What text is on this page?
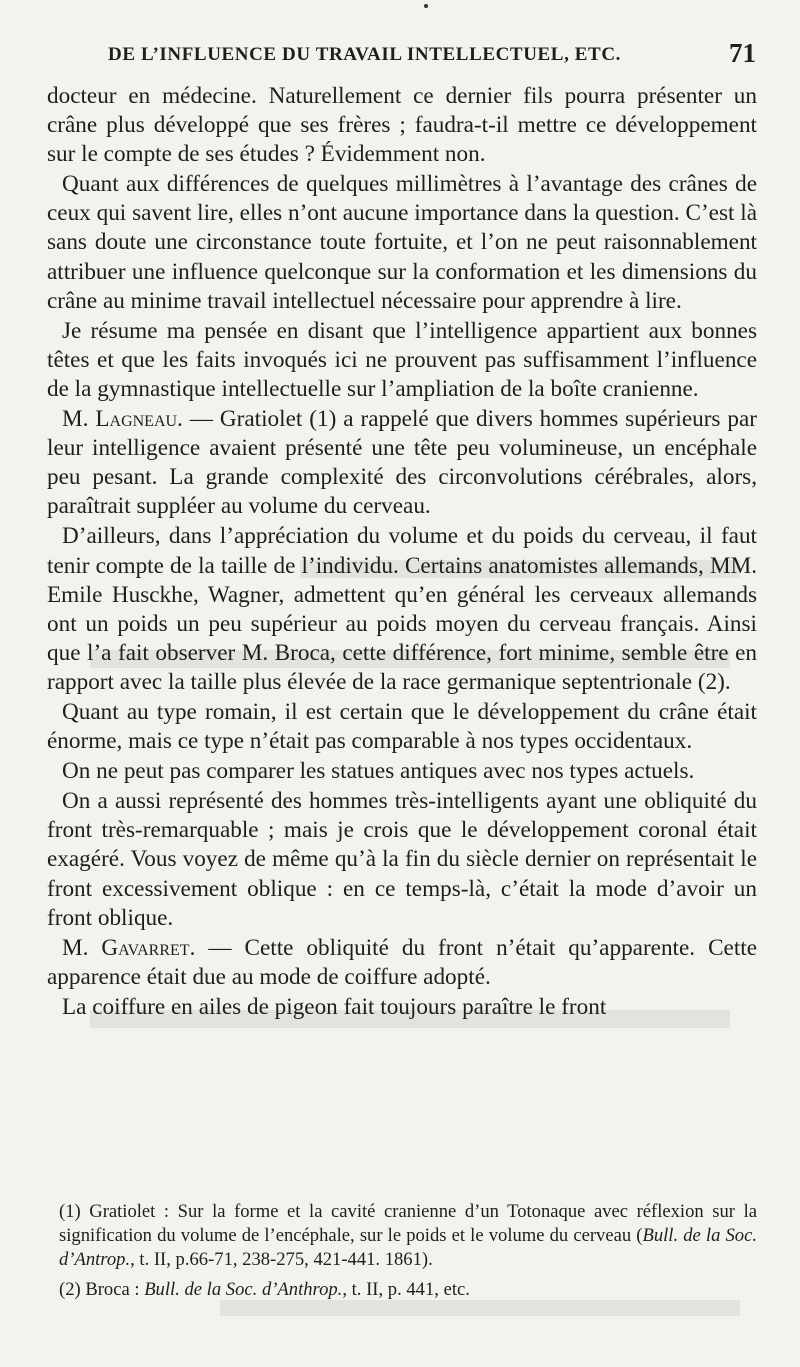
DE L’INFLUENCE DU TRAVAIL INTELLECTUEL, ETC.	71

docteur en médecine. Naturellement ce dernier fils pourra présenter un crâne plus développé que ses frères ; faudra-t-il mettre ce développement sur le compte de ses études ? Évidemment non.

Quant aux différences de quelques millimètres à l’avantage des crânes de ceux qui savent lire, elles n’ont aucune importance dans la question. C’est là sans doute une circonstance toute fortuite, et l’on ne peut raisonnablement attribuer une influence quelconque sur la conformation et les dimensions du crâne au minime travail intellectuel nécessaire pour apprendre à lire.

Je résume ma pensée en disant que l’intelligence appartient aux bonnes têtes et que les faits invoqués ici ne prouvent pas suffisamment l’influence de la gymnastique intellectuelle sur l’ampliation de la boîte cranienne.

M. Lagneau. — Gratiolet (1) a rappelé que divers hommes supérieurs par leur intelligence avaient présenté une tête peu volumineuse, un encéphale peu pesant. La grande complexité des circonvolutions cérébrales, alors, paraîtrait suppléer au volume du cerveau.

D’ailleurs, dans l’appréciation du volume et du poids du cerveau, il faut tenir compte de la taille de l’individu. Certains anatomistes allemands, MM. Emile Husckhe, Wagner, admettent qu’en général les cerveaux allemands ont un poids un peu supérieur au poids moyen du cerveau français. Ainsi que l’a fait observer M. Broca, cette différence, fort minime, semble être en rapport avec la taille plus élevée de la race germanique septentrionale (2).

Quant au type romain, il est certain que le développement du crâne était énorme, mais ce type n’était pas comparable à nos types occidentaux.

On ne peut pas comparer les statues antiques avec nos types actuels.

On a aussi représenté des hommes très-intelligents ayant une obliquité du front très-remarquable ; mais je crois que le développement coronal était exagéré. Vous voyez de même qu’à la fin du siècle dernier on représentait le front excessivement oblique : en ce temps-là, c’était la mode d’avoir un front oblique.

M. Gavarret. — Cette obliquité du front n’était qu’apparente. Cette apparence était due au mode de coiffure adopté.

La coiffure en ailes de pigeon fait toujours paraître le front

(1) Gratiolet : Sur la forme et la cavité cranienne d’un Totonaque avec réflexion sur la signification du volume de l’encéphale, sur le poids et le volume du cerveau (Bull. de la Soc. d’Antrop., t. II, p.66-71, 238-275, 421-441. 1861).

(2) Broca : Bull. de la Soc. d’Anthrop., t. II, p. 441, etc.
